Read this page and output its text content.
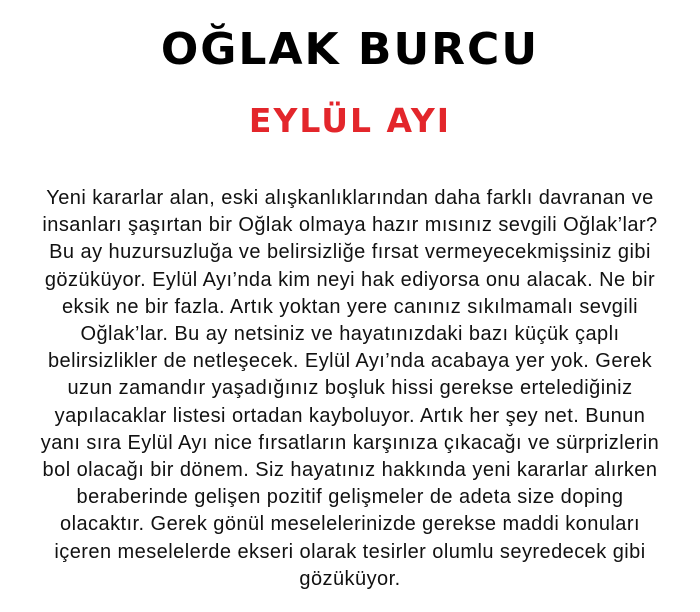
OĞLAK BURCU
EYLÜL AYI

Yeni kararlar alan, eski alışkanlıklarından daha farklı davranan ve
insanları şaşırtan bir Oğlak olmaya hazır mısınız sevgili Oğlak’lar?
Bu ay huzursuzluğa ve belirsizliğe fırsat vermeyecekmişsiniz gibi
gözüküyor. Eylül Ayı’nda kim neyi hak ediyorsa onu alacak. Ne bir
eksik ne bir fazla. Artık yoktan yere canınız sıkılmamalı sevgili
Oğlak’lar. Bu ay netsiniz ve hayatınızdaki bazı küçük çaplı
belirsizlikler de netleşecek. Eylül Ayı’nda acabaya yer yok. Gerek
uzun zamandır yaşadığınız boşluk hissi gerekse ertelediğiniz
yapılacaklar listesi ortadan kayboluyor. Artık her şey net. Bunun
yanı sıra Eylül Ayı nice fırsatların karşınıza çıkacağı ve sürprizlerin
bol olacağı bir dönem. Siz hayatınız hakkında yeni kararlar alırken
beraberinde gelişen pozitif gelişmeler de adeta size doping
olacaktır. Gerek gönül meselelerinizde gerekse maddi konuları
içeren meselelerde ekseri olarak tesirler olumlu seyredecek gibi
gözüküyor.
